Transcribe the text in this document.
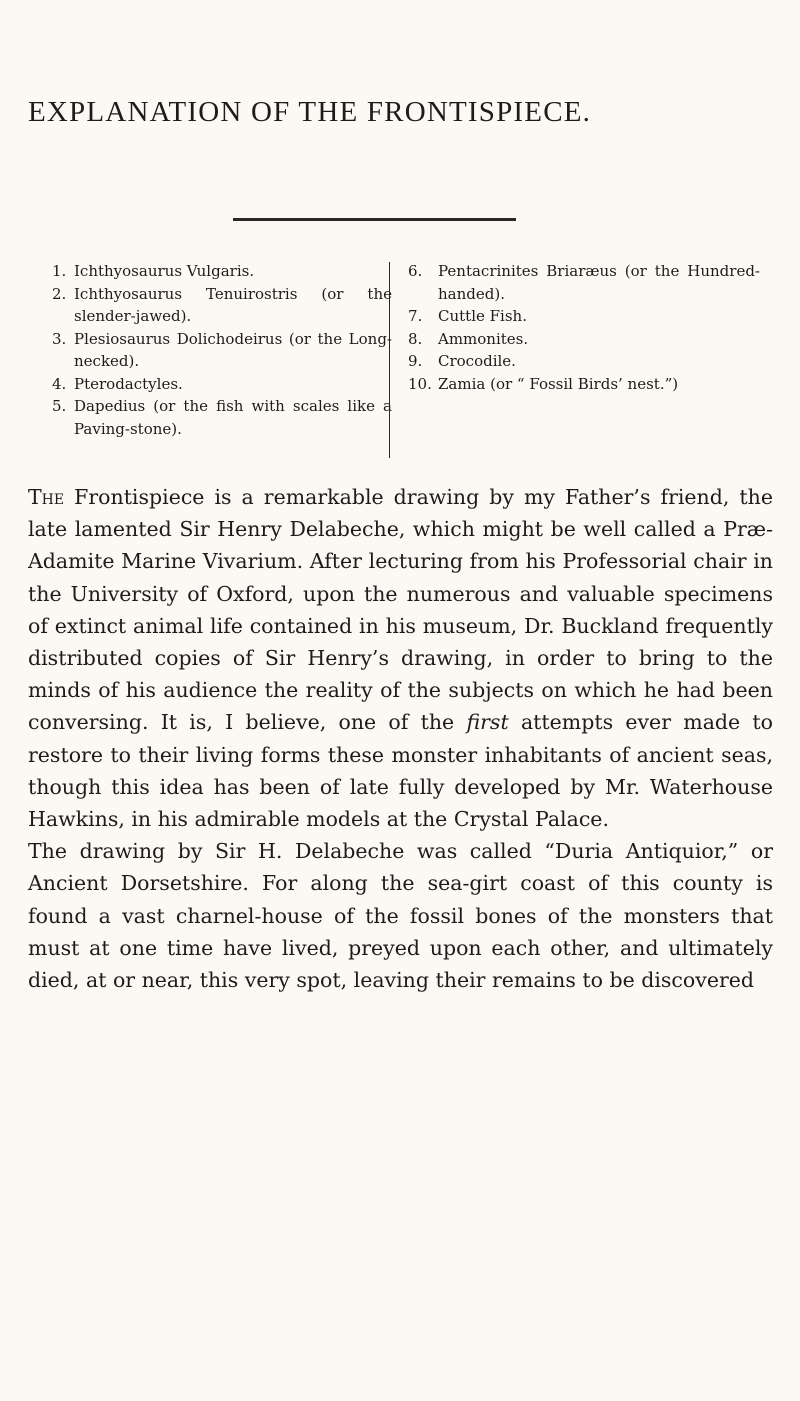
EXPLANATION OF THE FRONTISPIECE.
1. Ichthyosaurus Vulgaris.
2. Ichthyosaurus Tenuirostris (or the slender-jawed).
3. Plesiosaurus Dolichodeirus (or the Long-necked).
4. Pterodactyles.
5. Dapedius (or the fish with scales like a Paving-stone).
6. Pentacrinites Briaræus (or the Hundred-handed).
7. Cuttle Fish.
8. Ammonites.
9. Crocodile.
10. Zamia (or “ Fossil Birds’ nest.”)

The Frontispiece is a remarkable drawing by my Father’s friend, the late lamented Sir Henry Delabeche, which might be well called a Præ-Adamite Marine Vivarium. After lecturing from his Professorial chair in the University of Oxford, upon the numerous and valuable specimens of extinct animal life contained in his museum, Dr. Buckland frequently distributed copies of Sir Henry’s drawing, in order to bring to the minds of his audience the reality of the subjects on which he had been conversing. It is, I believe, one of the first attempts ever made to restore to their living forms these monster inhabitants of ancient seas, though this idea has been of late fully developed by Mr. Waterhouse Hawkins, in his admirable models at the Crystal Palace.

The drawing by Sir H. Delabeche was called “Duria Antiquior,” or Ancient Dorsetshire. For along the sea-girt coast of this county is found a vast charnel-house of the fossil bones of the monsters that must at one time have lived, preyed upon each other, and ultimately died, at or near, this very spot, leaving their remains to be discovered
